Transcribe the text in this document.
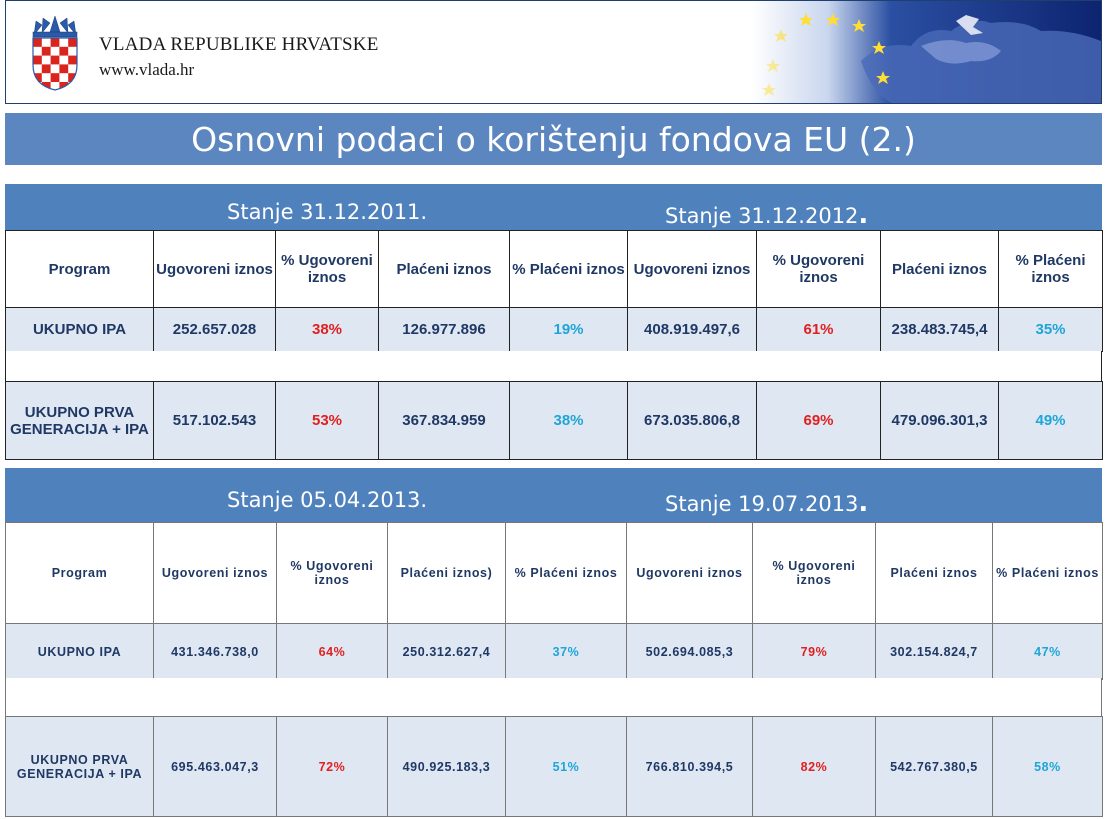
VLADA REPUBLIKE HRVATSKE
www.vlada.hr
Osnovni podaci o korištenju fondova EU (2.)
Stanje 31.12.2011.	Stanje 31.12.2012.
Program	Ugovoreni iznos	% Ugovoreni iznos	Plaćeni iznos	% Plaćeni iznos	Ugovoreni iznos	% Ugovoreni iznos	Plaćeni iznos	% Plaćeni iznos
UKUPNO IPA	252.657.028	38%	126.977.896	19%	408.919.497,6	61%	238.483.745,4	35%
UKUPNO PRVA GENERACIJA + IPA	517.102.543	53%	367.834.959	38%	673.035.806,8	69%	479.096.301,3	49%
Stanje 05.04.2013.	Stanje 19.07.2013.
Program	Ugovoreni iznos	% Ugovoreni iznos	Plaćeni iznos)	% Plaćeni iznos	Ugovoreni iznos	% Ugovoreni iznos	Plaćeni iznos	% Plaćeni iznos
UKUPNO IPA	431.346.738,0	64%	250.312.627,4	37%	502.694.085,3	79%	302.154.824,7	47%
UKUPNO PRVA GENERACIJA + IPA	695.463.047,3	72%	490.925.183,3	51%	766.810.394,5	82%	542.767.380,5	58%
